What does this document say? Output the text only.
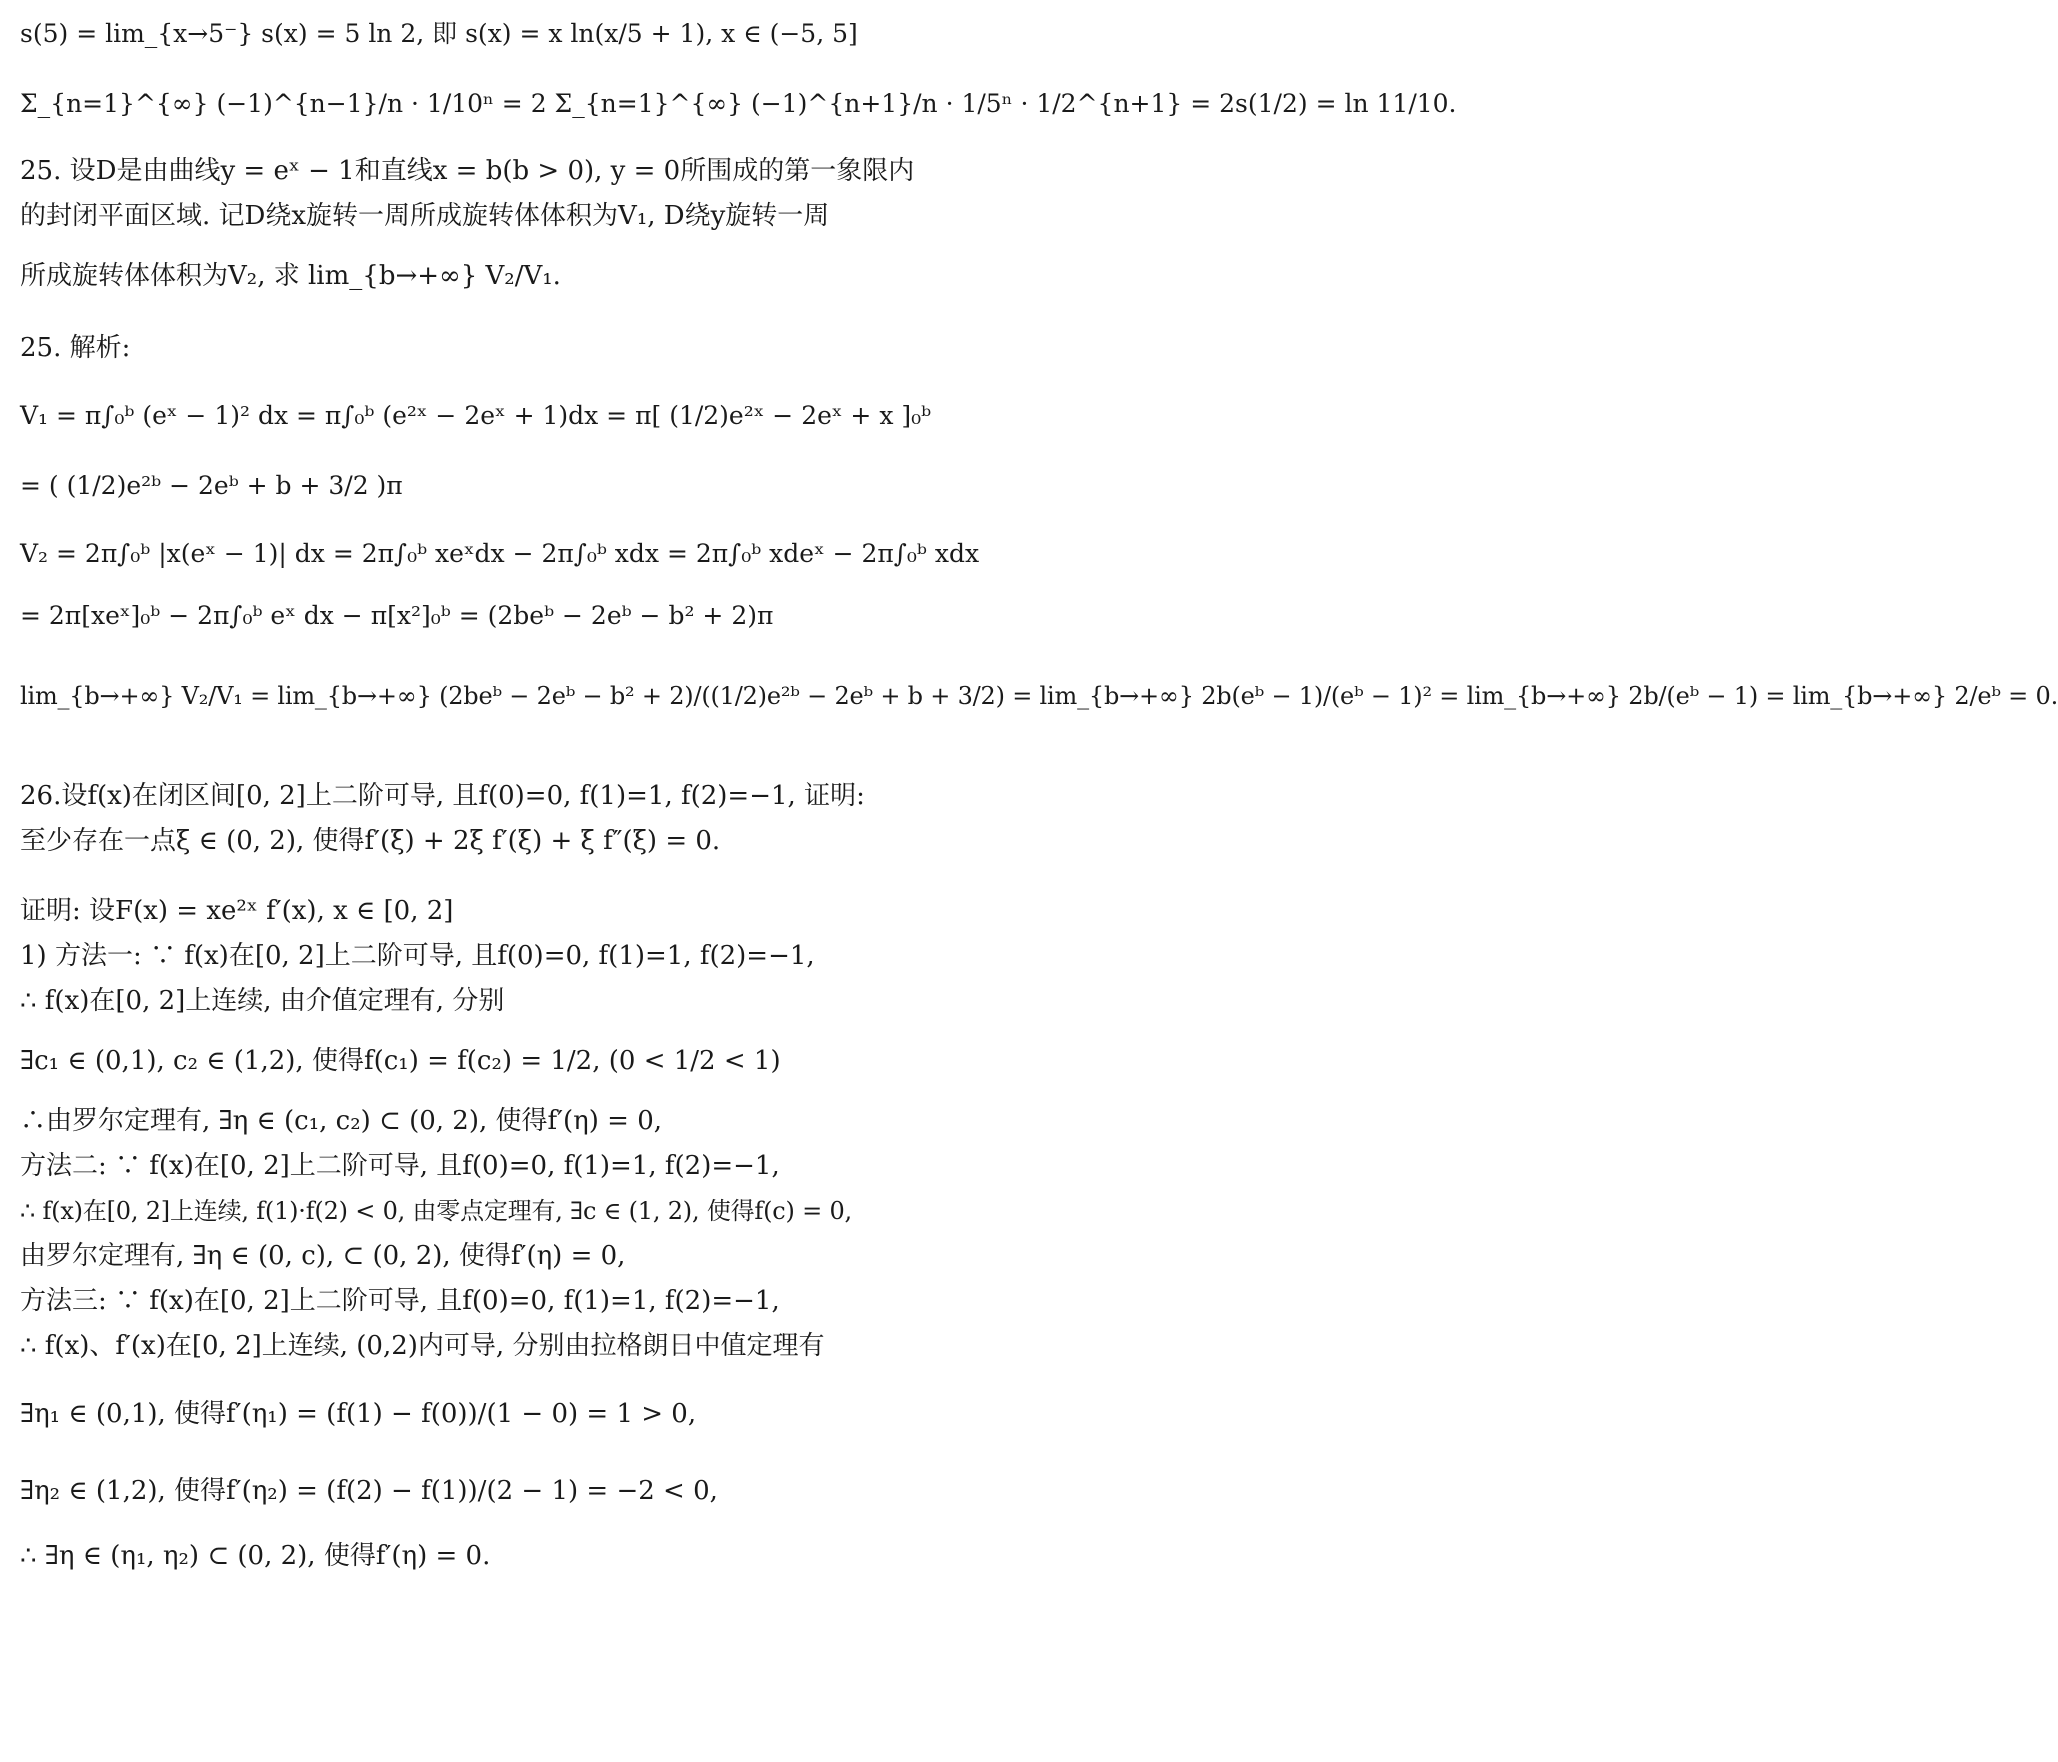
s(5) = lim_{x→5⁻} s(x) = 5 ln 2, 即 s(x) = x ln(x/5 + 1), x ∈ (−5, 5]
Σ_{n=1}^{∞} (−1)^{n−1}/n · 1/10ⁿ = 2 Σ_{n=1}^{∞} (−1)^{n+1}/n · 1/5ⁿ · 1/2^{n+1} = 2s(1/2) = ln 11/10.
25. 设D是由曲线y = eˣ − 1和直线x = b(b > 0), y = 0所围成的第一象限内
的封闭平面区域. 记D绕x旋转一周所成旋转体体积为V₁, D绕y旋转一周
所成旋转体体积为V₂, 求 lim_{b→+∞} V₂/V₁.
25. 解析:
V₁ = π∫₀ᵇ (eˣ − 1)² dx = π∫₀ᵇ (e²ˣ − 2eˣ + 1)dx = π[ (1/2)e²ˣ − 2eˣ + x ]₀ᵇ
= ( (1/2)e²ᵇ − 2eᵇ + b + 3/2 )π
V₂ = 2π∫₀ᵇ |x(eˣ − 1)| dx = 2π∫₀ᵇ xeˣdx − 2π∫₀ᵇ xdx = 2π∫₀ᵇ xdeˣ − 2π∫₀ᵇ xdx
= 2π[xeˣ]₀ᵇ − 2π∫₀ᵇ eˣ dx − π[x²]₀ᵇ = (2beᵇ − 2eᵇ − b² + 2)π
lim_{b→+∞} V₂/V₁ = lim_{b→+∞} (2beᵇ − 2eᵇ − b² + 2)/((1/2)e²ᵇ − 2eᵇ + b + 3/2) = lim_{b→+∞} 2b(eᵇ − 1)/(eᵇ − 1)² = lim_{b→+∞} 2b/(eᵇ − 1) = lim_{b→+∞} 2/eᵇ = 0.
26.设f(x)在闭区间[0, 2]上二阶可导, 且f(0)=0, f(1)=1, f(2)=−1, 证明:
至少存在一点ξ ∈ (0, 2), 使得f′(ξ) + 2ξ f′(ξ) + ξ f″(ξ) = 0.
证明: 设F(x) = xe²ˣ f′(x), x ∈ [0, 2]
1) 方法一: ∵ f(x)在[0, 2]上二阶可导, 且f(0)=0, f(1)=1, f(2)=−1,
∴ f(x)在[0, 2]上连续, 由介值定理有, 分别
∃c₁ ∈ (0,1), c₂ ∈ (1,2), 使得f(c₁) = f(c₂) = 1/2, (0 < 1/2 < 1)
∴由罗尔定理有, ∃η ∈ (c₁, c₂) ⊂ (0, 2), 使得f′(η) = 0,
方法二: ∵ f(x)在[0, 2]上二阶可导, 且f(0)=0, f(1)=1, f(2)=−1,
∴ f(x)在[0, 2]上连续, f(1)·f(2) < 0, 由零点定理有, ∃c ∈ (1, 2), 使得f(c) = 0,
由罗尔定理有, ∃η ∈ (0, c), ⊂ (0, 2), 使得f′(η) = 0,
方法三: ∵ f(x)在[0, 2]上二阶可导, 且f(0)=0, f(1)=1, f(2)=−1,
∴ f(x)、f′(x)在[0, 2]上连续, (0,2)内可导, 分别由拉格朗日中值定理有
∃η₁ ∈ (0,1), 使得f′(η₁) = (f(1) − f(0))/(1 − 0) = 1 > 0,
∃η₂ ∈ (1,2), 使得f′(η₂) = (f(2) − f(1))/(2 − 1) = −2 < 0,
∴ ∃η ∈ (η₁, η₂) ⊂ (0, 2), 使得f′(η) = 0.
